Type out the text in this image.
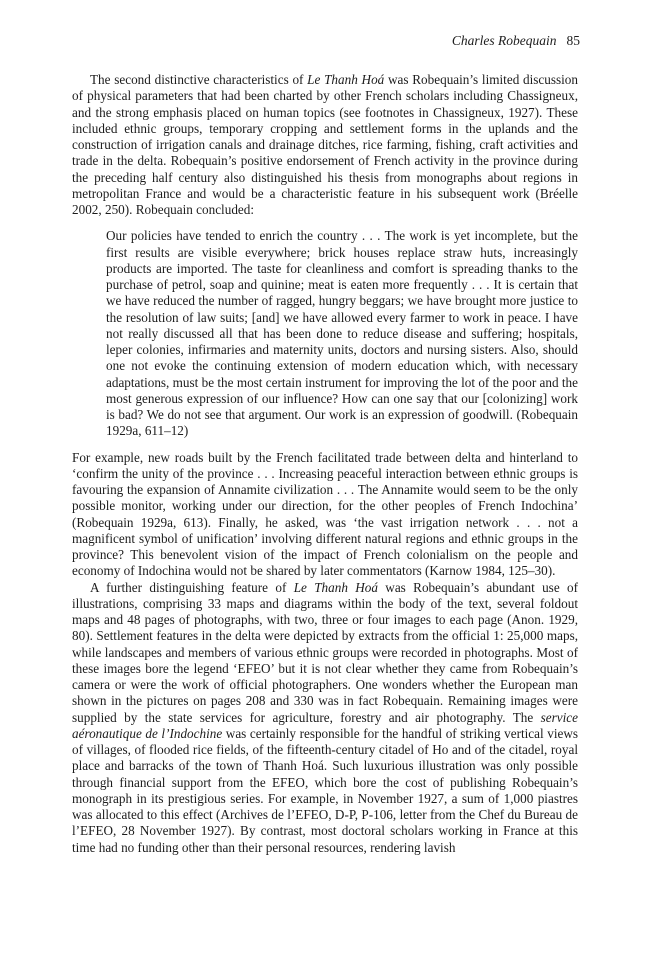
Charles Robequain 85

The second distinctive characteristics of Le Thanh Hoá was Robequain’s limited discussion of physical parameters that had been charted by other French scholars including Chassigneux, and the strong emphasis placed on human topics (see footnotes in Chassigneux, 1927). These included ethnic groups, temporary cropping and settlement forms in the uplands and the construction of irrigation canals and drainage ditches, rice farming, fishing, craft activities and trade in the delta. Robequain’s positive endorsement of French activity in the province during the preceding half century also distinguished his thesis from monographs about regions in metropolitan France and would be a characteristic feature in his subsequent work (Bréelle 2002, 250). Robequain concluded:

Our policies have tended to enrich the country . . . The work is yet incomplete, but the first results are visible everywhere; brick houses replace straw huts, increasingly products are imported. The taste for cleanliness and comfort is spreading thanks to the purchase of petrol, soap and quinine; meat is eaten more frequently . . . It is certain that we have reduced the number of ragged, hungry beggars; we have brought more justice to the resolution of law suits; [and] we have allowed every farmer to work in peace. I have not really discussed all that has been done to reduce disease and suffering; hospitals, leper colonies, infirmaries and maternity units, doctors and nursing sisters. Also, should one not evoke the continuing extension of modern education which, with necessary adaptations, must be the most certain instrument for improving the lot of the poor and the most generous expression of our influence? How can one say that our [colonizing] work is bad? We do not see that argument. Our work is an expression of goodwill. (Robequain 1929a, 611–12)

For example, new roads built by the French facilitated trade between delta and hinterland to ‘confirm the unity of the province . . . Increasing peaceful interaction between ethnic groups is favouring the expansion of Annamite civilization . . . The Annamite would seem to be the only possible monitor, working under our direction, for the other peoples of French Indochina’ (Robequain 1929a, 613). Finally, he asked, was ‘the vast irrigation network . . . not a magnificent symbol of unification’ involving different natural regions and ethnic groups in the province? This benevolent vision of the impact of French colonialism on the people and economy of Indochina would not be shared by later commentators (Karnow 1984, 125–30).

A further distinguishing feature of Le Thanh Hoá was Robequain’s abundant use of illustrations, comprising 33 maps and diagrams within the body of the text, several foldout maps and 48 pages of photographs, with two, three or four images to each page (Anon. 1929, 80). Settlement features in the delta were depicted by extracts from the official 1: 25,000 maps, while landscapes and members of various ethnic groups were recorded in photographs. Most of these images bore the legend ‘EFEO’ but it is not clear whether they came from Robequain’s camera or were the work of official photographers. One wonders whether the European man shown in the pictures on pages 208 and 330 was in fact Robequain. Remaining images were supplied by the state services for agriculture, forestry and air photography. The service aéronautique de l’Indochine was certainly responsible for the handful of striking vertical views of villages, of flooded rice fields, of the fifteenth-century citadel of Ho and of the citadel, royal place and barracks of the town of Thanh Hoá. Such luxurious illustration was only possible through financial support from the EFEO, which bore the cost of publishing Robequain’s monograph in its prestigious series. For example, in November 1927, a sum of 1,000 piastres was allocated to this effect (Archives de l’EFEO, D-P, P-106, letter from the Chef du Bureau de l’EFEO, 28 November 1927). By contrast, most doctoral scholars working in France at this time had no funding other than their personal resources, rendering lavish
